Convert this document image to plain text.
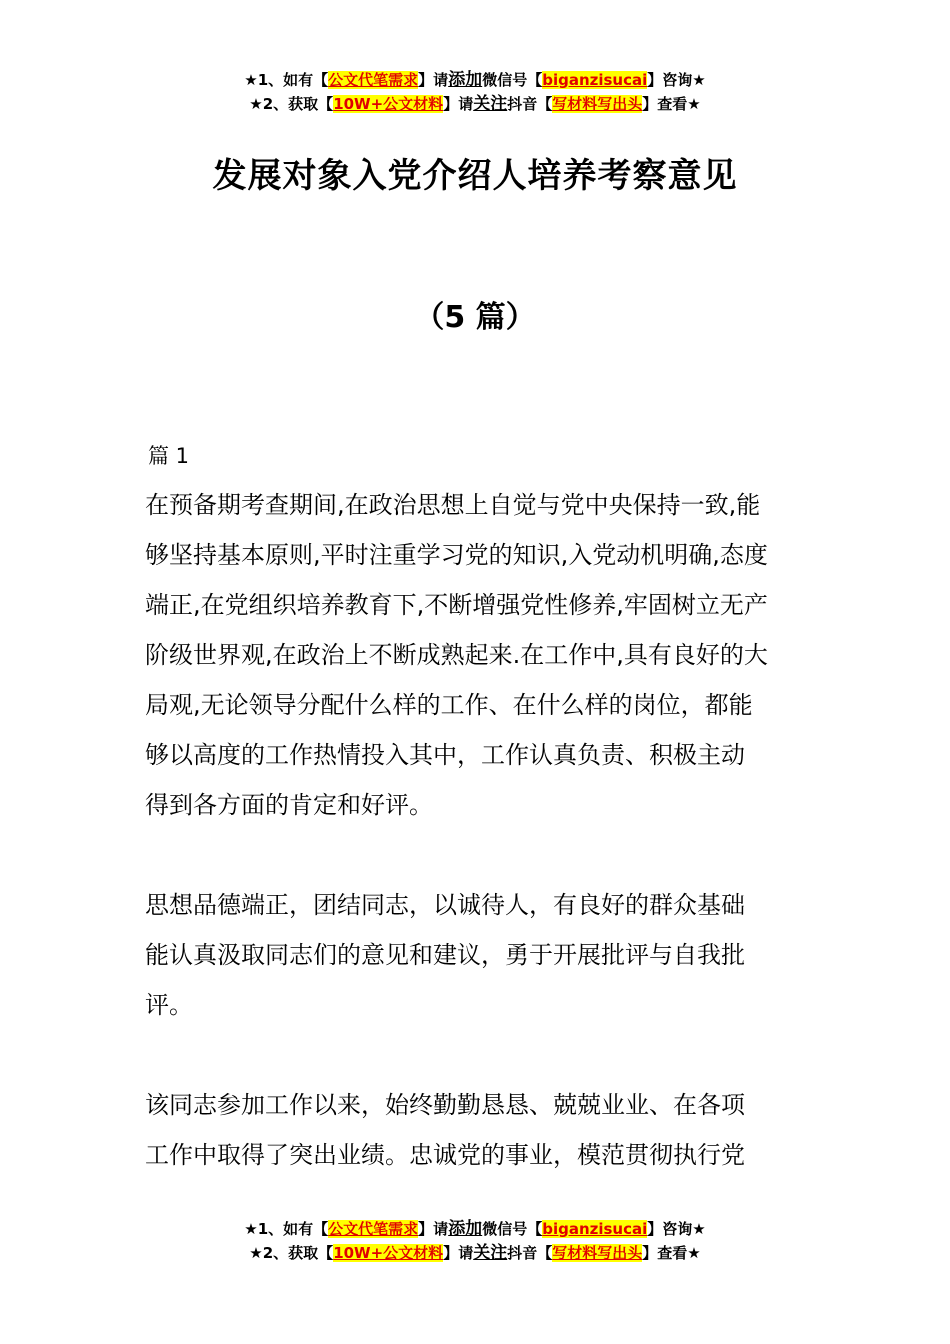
★1、如有【公文代笔需求】请添加微信号【biganzisucai】咨询★
★2、获取【10W+公文材料】请关注抖音【写材料写出头】查看★
发展对象入党介绍人培养考察意见
（5 篇）
篇 1
在预备期考查期间,在政治思想上自觉与党中央保持一致,能
够坚持基本原则,平时注重学习党的知识,入党动机明确,态度
端正,在党组织培养教育下,不断增强党性修养,牢固树立无产
阶级世界观,在政治上不断成熟起来.在工作中,具有良好的大
局观,无论领导分配什么样的工作、在什么样的岗位，都能
够以高度的工作热情投入其中，工作认真负责、积极主动
得到各方面的肯定和好评。
思想品德端正，团结同志，以诚待人，有良好的群众基础
能认真汲取同志们的意见和建议，勇于开展批评与自我批
评。
该同志参加工作以来，始终勤勤恳恳、兢兢业业、在各项
工作中取得了突出业绩。忠诚党的事业，模范贯彻执行党
★1、如有【公文代笔需求】请添加微信号【biganzisucai】咨询★
★2、获取【10W+公文材料】请关注抖音【写材料写出头】查看★
